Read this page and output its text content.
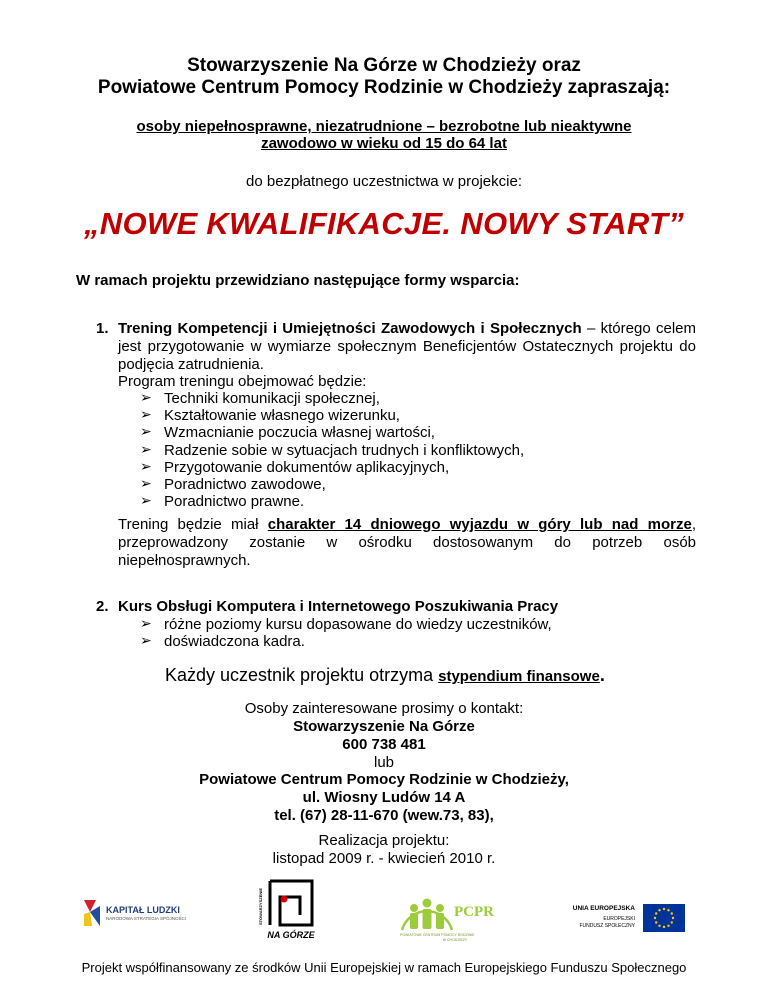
Stowarzyszenie Na Górze w Chodzieży oraz
Powiatowe Centrum Pomocy Rodzinie w Chodzieży zapraszają:
osoby niepełnosprawne, niezatrudnione – bezrobotne lub nieaktywne
zawodowo w wieku od 15 do 64 lat
do bezpłatnego uczestnictwa w projekcie:
„NOWE KWALIFIKACJE. NOWY START”
W ramach projektu przewidziano następujące formy wsparcia:
1. Trening Kompetencji i Umiejętności Zawodowych i Społecznych – którego celem jest przygotowanie w wymiarze społecznym Beneficjentów Ostatecznych projektu do podjęcia zatrudnienia.
Program treningu obejmować będzie:
➢ Techniki komunikacji społecznej,
➢ Kształtowanie własnego wizerunku,
➢ Wzmacnianie poczucia własnej wartości,
➢ Radzenie sobie w sytuacjach trudnych i konfliktowych,
➢ Przygotowanie dokumentów aplikacyjnych,
➢ Poradnictwo zawodowe,
➢ Poradnictwo prawne.
Trening będzie miał charakter 14 dniowego wyjazdu w góry lub nad morze, przeprowadzony zostanie w ośrodku dostosowanym do potrzeb osób niepełnosprawnych.
2. Kurs Obsługi Komputera i Internetowego Poszukiwania Pracy
➢ różne poziomy kursu dopasowane do wiedzy uczestników,
➢ doświadczona kadra.
Każdy uczestnik projektu otrzyma stypendium finansowe.
Osoby zainteresowane prosimy o kontakt:
Stowarzyszenie Na Górze
600 738 481
lub
Powiatowe Centrum Pomocy Rodzinie w Chodzieży,
ul. Wiosny Ludów 14 A
tel. (67) 28-11-670 (wew.73, 83),
Realizacja projektu:
listopad 2009 r. - kwiecień 2010 r.
KAPITAŁ LUDZKI
NARODOWA STRATEGIA SPÓJNOŚCI	STOWARZYSZENIE
NA GÓRZE
PCPR
POWIATOWE CENTRUM POMOCY RODZINIE
W CHODZIEŻY
UNIA EUROPEJSKA
EUROPEJSKI
FUNDUSZ SPOŁECZNY
Projekt współfinansowany ze środków Unii Europejskiej w ramach Europejskiego Funduszu Społecznego
